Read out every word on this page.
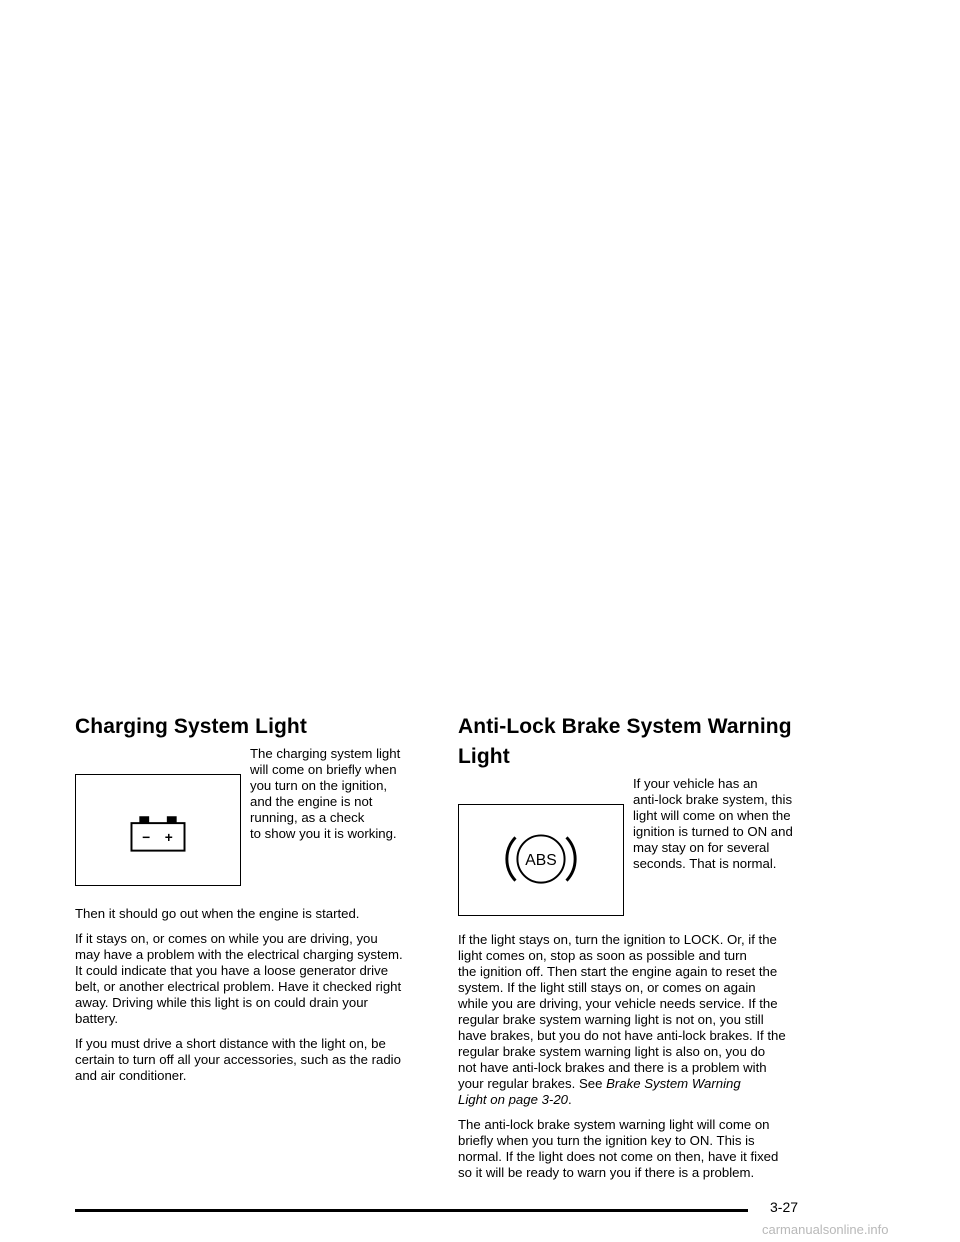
Charging System Light
− +
The charging system light
will come on briefly when
you turn on the ignition,
and the engine is not
running, as a check
to show you it is working.

Then it should go out when the engine is started.

If it stays on, or comes on while you are driving, you
may have a problem with the electrical charging system.
It could indicate that you have a loose generator drive
belt, or another electrical problem. Have it checked right
away. Driving while this light is on could drain your
battery.

If you must drive a short distance with the light on, be
certain to turn off all your accessories, such as the radio
and air conditioner.

Anti-Lock Brake System Warning
Light
ABS
If your vehicle has an
anti-lock brake system, this
light will come on when the
ignition is turned to ON and
may stay on for several
seconds. That is normal.

If the light stays on, turn the ignition to LOCK. Or, if the
light comes on, stop as soon as possible and turn
the ignition off. Then start the engine again to reset the
system. If the light still stays on, or comes on again
while you are driving, your vehicle needs service. If the
regular brake system warning light is not on, you still
have brakes, but you do not have anti-lock brakes. If the
regular brake system warning light is also on, you do
not have anti-lock brakes and there is a problem with
your regular brakes. See Brake System Warning
Light on page 3-20.

The anti-lock brake system warning light will come on
briefly when you turn the ignition key to ON. This is
normal. If the light does not come on then, have it fixed
so it will be ready to warn you if there is a problem.

3-27
carmanualsonline.info
